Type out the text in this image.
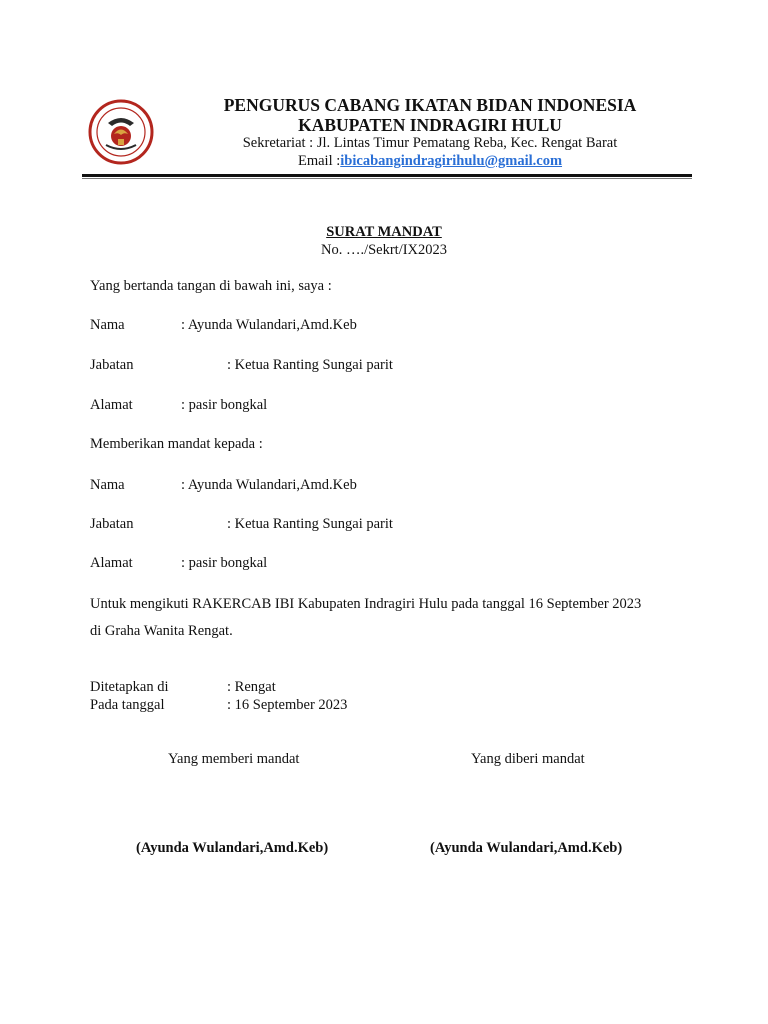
PENGURUS CABANG IKATAN BIDAN INDONESIA
KABUPATEN INDRAGIRI HULU
Sekretariat : Jl. Lintas Timur Pematang Reba, Kec. Rengat Barat
Email :ibicabangindragirihulu@gmail.com
SURAT MANDAT
No. …./Sekrt/IX2023
Yang bertanda tangan di bawah ini, saya :
Nama	: Ayunda Wulandari,Amd.Keb
Jabatan	: Ketua Ranting Sungai parit
Alamat	: pasir bongkal
Memberikan mandat kepada :
Nama	: Ayunda Wulandari,Amd.Keb
Jabatan	: Ketua Ranting Sungai parit
Alamat	: pasir bongkal
Untuk mengikuti RAKERCAB IBI Kabupaten Indragiri Hulu pada tanggal 16 September 2023
di Graha Wanita Rengat.
Ditetapkan di	: Rengat
Pada tanggal	: 16 September 2023
Yang memberi mandat	Yang diberi mandat
(Ayunda Wulandari,Amd.Keb)	(Ayunda Wulandari,Amd.Keb)
